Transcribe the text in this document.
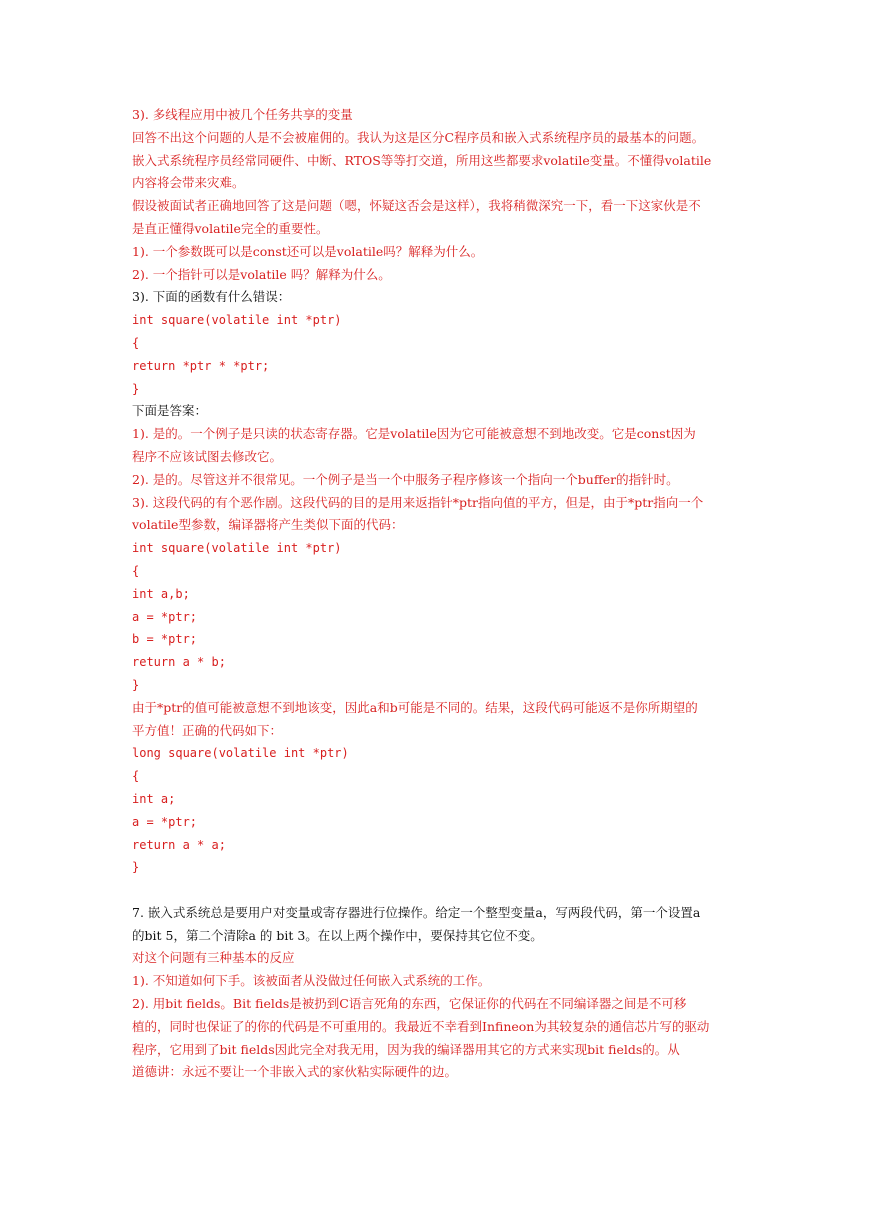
3). 多线程应用中被几个任务共享的变量
回答不出这个问题的人是不会被雇佣的。我认为这是区分C程序员和嵌入式系统程序员的最基本的问题。
嵌入式系统程序员经常同硬件、中断、RTOS等等打交道，所用这些都要求volatile变量。不懂得volatile
内容将会带来灾难。
假设被面试者正确地回答了这是问题（嗯，怀疑这否会是这样），我将稍微深究一下，看一下这家伙是不
是直正懂得volatile完全的重要性。
1). 一个参数既可以是const还可以是volatile吗？解释为什么。
2). 一个指针可以是volatile 吗？解释为什么。
3). 下面的函数有什么错误：
int square(volatile int *ptr)
{
return *ptr * *ptr;
}
下面是答案：
1). 是的。一个例子是只读的状态寄存器。它是volatile因为它可能被意想不到地改变。它是const因为
程序不应该试图去修改它。
2). 是的。尽管这并不很常见。一个例子是当一个中服务子程序修该一个指向一个buffer的指针时。
3). 这段代码的有个恶作剧。这段代码的目的是用来返指针*ptr指向值的平方，但是，由于*ptr指向一个
volatile型参数，编译器将产生类似下面的代码：
int square(volatile int *ptr)
{
int a,b;
a = *ptr;
b = *ptr;
return a * b;
}
由于*ptr的值可能被意想不到地该变，因此a和b可能是不同的。结果，这段代码可能返不是你所期望的
平方值！正确的代码如下：
long square(volatile int *ptr)
{
int a;
a = *ptr;
return a * a;
}
7. 嵌入式系统总是要用户对变量或寄存器进行位操作。给定一个整型变量a，写两段代码，第一个设置a
的bit 5，第二个清除a 的 bit 3。在以上两个操作中，要保持其它位不变。
对这个问题有三种基本的反应
1). 不知道如何下手。该被面者从没做过任何嵌入式系统的工作。
2). 用bit fields。Bit fields是被扔到C语言死角的东西，它保证你的代码在不同编译器之间是不可移
植的，同时也保证了的你的代码是不可重用的。我最近不幸看到Infineon为其较复杂的通信芯片写的驱动
程序，它用到了bit fields因此完全对我无用，因为我的编译器用其它的方式来实现bit fields的。从
道德讲：永远不要让一个非嵌入式的家伙粘实际硬件的边。
